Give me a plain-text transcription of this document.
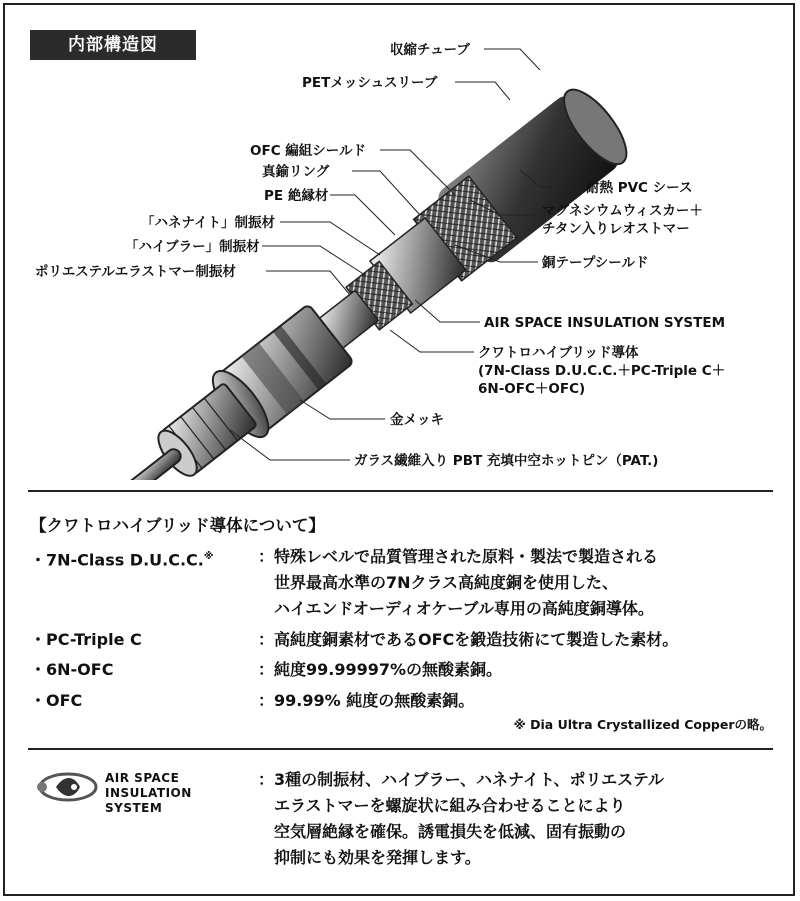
内部構造図	収縮チューブ
PETメッシュスリーブ
OFC 編組シールド
真鍮リング
PE 絶縁材
「ハネナイト」制振材
「ハイブラー」制振材
ポリエステルエラストマー制振材
耐熱 PVC シース
マグネシウムウィスカー＋
チタン入りレオストマー
銅テープシールド
AIR SPACE INSULATION SYSTEM
クワトロハイブリッド導体
(7N-Class D.U.C.C.＋PC-Triple C＋
6N-OFC＋OFC)
金メッキ
ガラス繊維入り PBT 充填中空ホットピン（PAT.)
【クワトロハイブリッド導体について】
・7N-Class D.U.C.C.※	：特殊レベルで品質管理された原料・製法で製造される
　世界最高水準の7Nクラス高純度銅を使用した、
　ハイエンドオーディオケーブル専用の高純度銅導体。
・PC-Triple C	：高純度銅素材であるOFCを鍛造技術にて製造した素材。
・6N-OFC	：純度99.99997%の無酸素銅。
・OFC	：99.99% 純度の無酸素銅。
※ Dia Ultra Crystallized Copperの略。
AIR SPACE
INSULATION SYSTEM
：3種の制振材、ハイブラー、ハネナイト、ポリエステル
　エラストマーを螺旋状に組み合わせることにより
　空気層絶縁を確保。誘電損失を低減、固有振動の
　抑制にも効果を発揮します。
